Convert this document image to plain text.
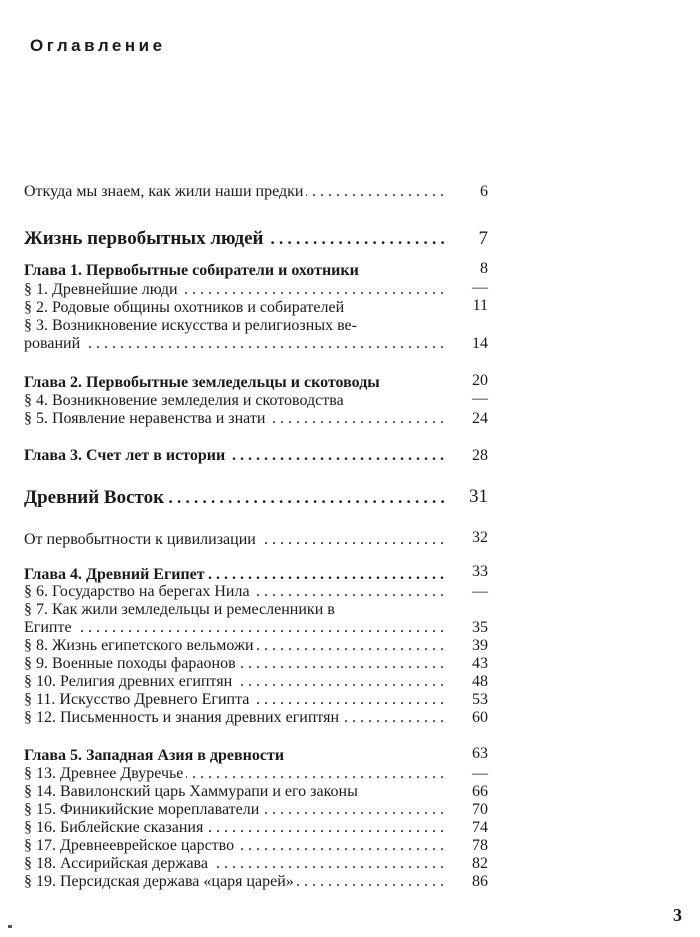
Оглавление
Откуда мы знаем, как жили наши предки . . .	6
Жизнь первобытных людей . . .	7
Глава 1. Первобытные собиратели и охотники	8
§ 1. Древнейшие люди . . .	—
§ 2. Родовые общины охотников и собирателей	11
§ 3. Возникновение искусства и религиозных ве-
рований . . .	14
Глава 2. Первобытные земледельцы и скотоводы	20
§ 4. Возникновение земледелия и скотоводства	—
§ 5. Появление неравенства и знати . . .	24
Глава 3. Счет лет в истории . . .	28
Древний Восток . . .	31
От первобытности к цивилизации . . .	32
Глава 4. Древний Египет . . .	33
§ 6. Государство на берегах Нила . . .	—
§ 7. Как жили земледельцы и ремесленники в
Египте . . .	35
§ 8. Жизнь египетского вельможи . . .	39
§ 9. Военные походы фараонов . . .	43
§ 10. Религия древних египтян . . .	48
§ 11. Искусство Древнего Египта . . .	53
§ 12. Письменность и знания древних египтян . . .	60
Глава 5. Западная Азия в древности	63
§ 13. Древнее Двуречье . . .	—
§ 14. Вавилонский царь Хаммурапи и его законы	66
§ 15. Финикийские мореплаватели . . .	70
§ 16. Библейские сказания . . .	74
§ 17. Древнееврейское царство . . .	78
§ 18. Ассирийская держава . . .	82
§ 19. Персидская держава «царя царей» . . .	86
3
